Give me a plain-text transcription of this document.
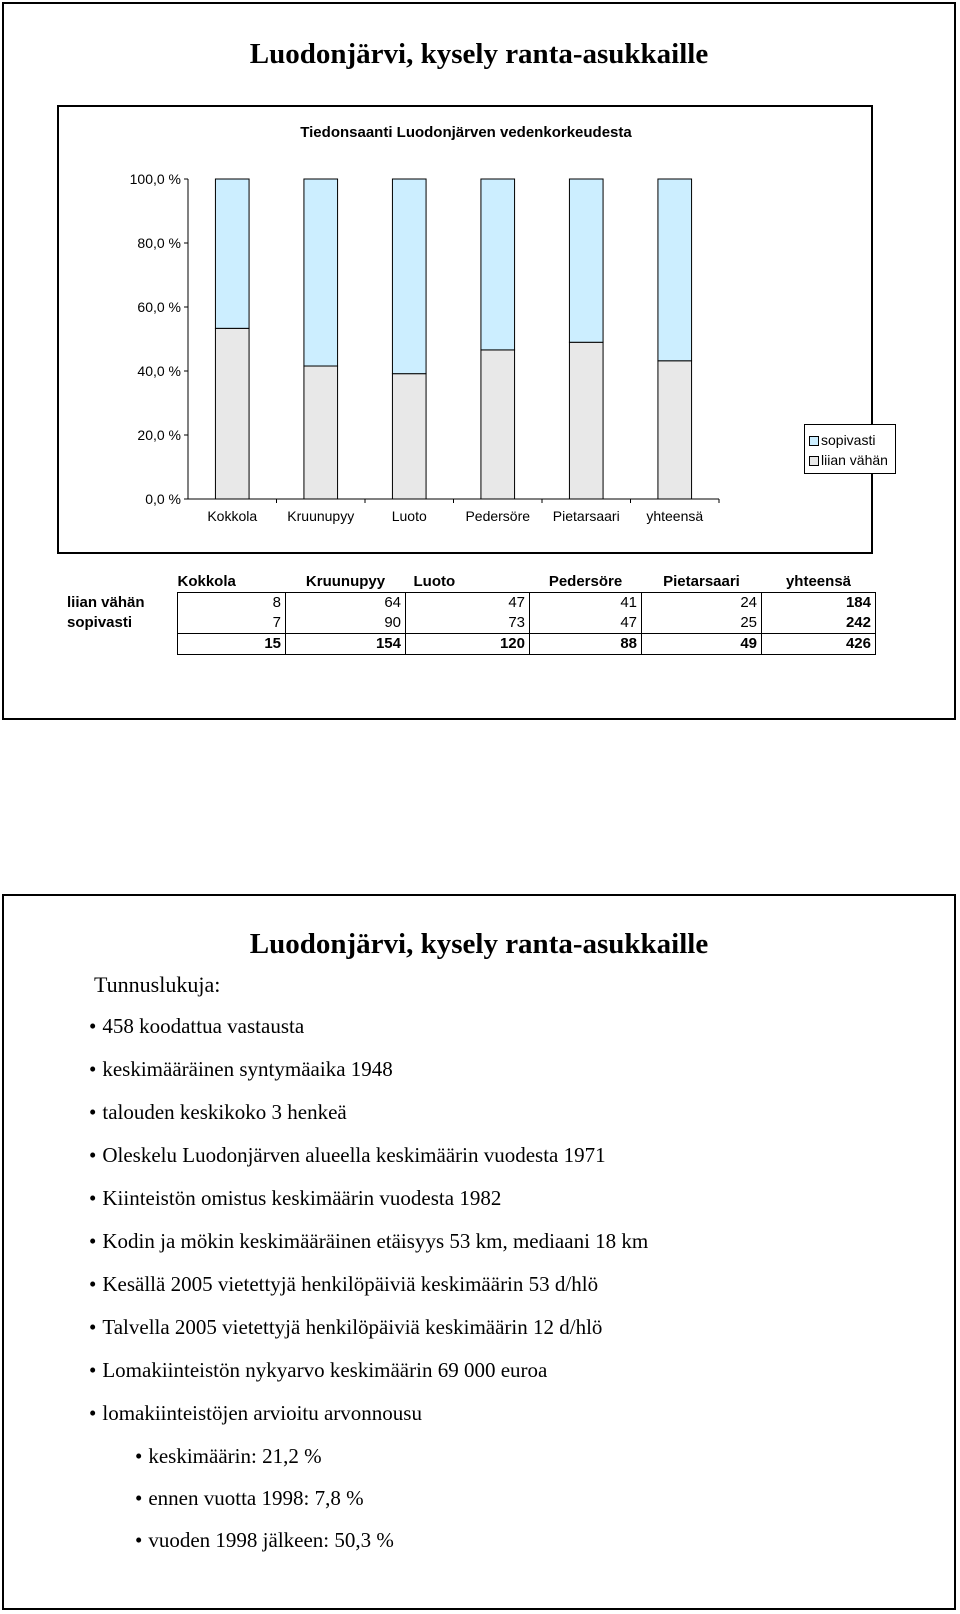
Luodonjärvi, kysely ranta-asukkaille
Tiedonsaanti Luodonjärven vedenkorkeudesta
0,0 %
20,0 %
40,0 %
60,0 %
80,0 %
100,0 %
Kokkola Kruunupyy	Luoto	Pedersöre Pietarsaari yhteensä
sopivasti
liian vähän
	Kokkola	Kruunupyy	Luoto	Pedersöre	Pietarsaari	yhteensä
liian vähän	8	64	47	41	24	184
sopivasti	7	90	73	47	25	242
	15	154	120	88	49	426
Luodonjärvi, kysely ranta-asukkaille
Tunnuslukuja:
• 458 koodattua vastausta
• keskimääräinen syntymäaika 1948
• talouden keskikoko 3 henkeä
• Oleskelu Luodonjärven alueella keskimäärin vuodesta 1971
• Kiinteistön omistus keskimäärin vuodesta 1982
• Kodin ja mökin keskimääräinen etäisyys 53 km, mediaani 18 km
• Kesällä 2005 vietettyjä henkilöpäiviä keskimäärin 53 d/hlö
• Talvella 2005 vietettyjä henkilöpäiviä keskimäärin 12 d/hlö
• Lomakiinteistön nykyarvo keskimäärin 69 000 euroa
• lomakiinteistöjen arvioitu arvonnousu
• keskimäärin: 21,2 %
• ennen vuotta 1998: 7,8 %
• vuoden 1998 jälkeen: 50,3 %
